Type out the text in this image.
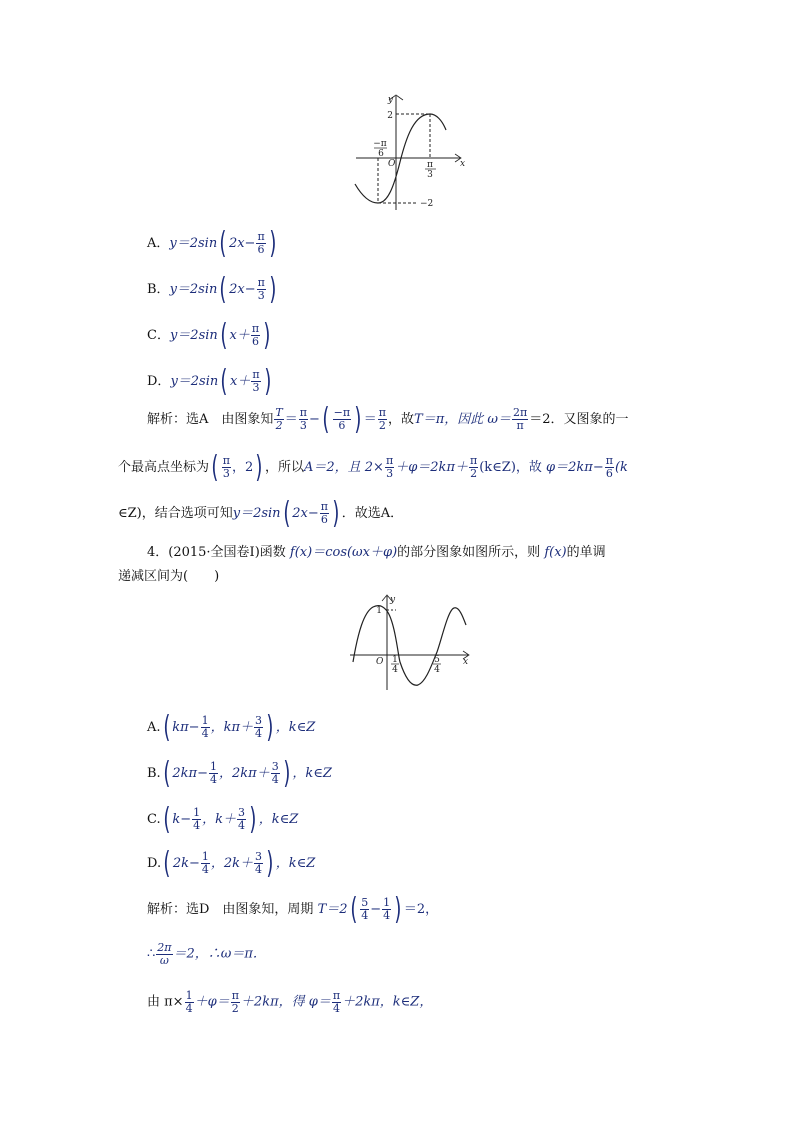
y
x
O
2
−2
−π
6
π
3
A．y＝2sin( $2x- \frac{\pi}{6}$ )
B．y＝2sin( $2x- \frac{\pi}{3}$ )
C．y＝2sin( $x+ \frac{\pi}{6}$ )
D．y＝2sin( $x+ \frac{\pi}{3}$ )
解析：选A　由图象知 $\frac{T}{2} = \frac{\pi}{3}$ −( $\frac{-\pi}{6}$ ) ＝ $\frac{\pi}{2}$ ，故T＝π，因此 $\omega= \frac{2\pi}{\pi} =2$．又图象的一
个最高点坐标为( $\frac{\pi}{3}$ ，2) ，所以A＝2，且 $2\times \frac{\pi}{3} +\varphi=2k\pi+ \frac{\pi}{2}$ (k∈Z)，故 $\varphi=2k\pi- \frac{\pi}{6} (k$
∈Z)，结合选项可知y＝2sin( $2x- \frac{\pi}{6}$ ) ．故选A．
4．(2015·全国卷Ⅰ)函数 f(x)＝cos(ωx＋φ)的部分图象如图所示，则 f(x)的单调
递减区间为(　　)
y
x
O
1
1
4
5
4
A.( $k\pi- \frac{1}{4}$ ，$k\pi+ \frac{3}{4}$ ) ，k∈Z
B.( $2k\pi- \frac{1}{4}$ ，$2k\pi+ \frac{3}{4}$ ) ，k∈Z
C.( $k- \frac{1}{4}$ ，$k+ \frac{3}{4}$ ) ，k∈Z
D.( $2k- \frac{1}{4}$ ，$2k+ \frac{3}{4}$ ) ，k∈Z
解析：选D　由图象知，周期 $T=2( \frac{5}{4} - \frac{1}{4}$ ) ＝2，
∴ $\frac{2\pi}{\omega} =2$，∴ω＝π．
由 $\pi\times \frac{1}{4} +\varphi= \frac{\pi}{2} +2k\pi$，得 $\varphi= \frac{\pi}{4} +2k\pi$，k∈Z，
